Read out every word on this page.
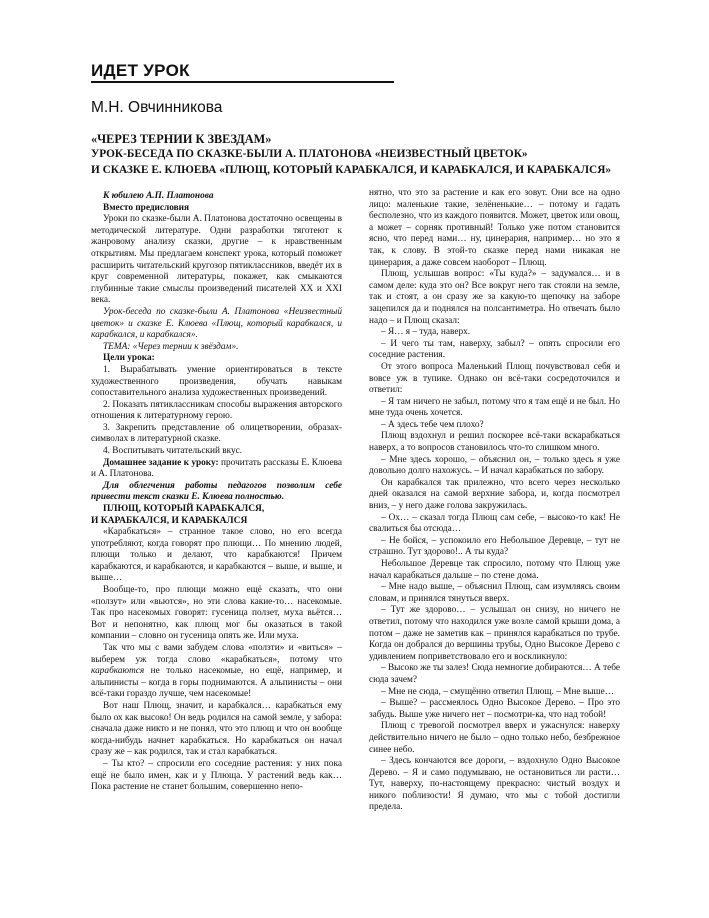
ИДЕТ УРОК
М.Н. Овчинникова
«ЧЕРЕЗ ТЕРНИИ К ЗВЕЗДАМ»
УРОК-БЕСЕДА ПО СКАЗКЕ-БЫЛИ А. ПЛАТОНОВА «НЕИЗВЕСТНЫЙ ЦВЕТОК»
И СКАЗКЕ Е. КЛЮЕВА «ПЛЮЩ, КОТОРЫЙ КАРАБКАЛСЯ, И КАРАБКАЛСЯ, И КАРАБКАЛСЯ»

К юбилею А.П. Платонова

Вместо предисловия

Уроки по сказке-были А. Платонова достаточно освещены в методической литературе. Одни разработки тяготеют к жанровому анализу сказки, другие – к нравственным открытиям. Мы предлагаем конспект урока, который поможет расширить читательский кругозор пятиклассников, введёт их в круг современной литературы, покажет, как смыкаются глубинные такие смыслы произведений писателей XX и XXI века.

Урок-беседа по сказке-были А. Платонова «Неизвестный цветок» и сказке Е. Клюева «Плющ, который карабкался, и карабкался, и карабкался».

ТЕМА: «Через тернии к звёздам».

Цели урока:

1. Вырабатывать умение ориентироваться в тексте художественного произведения, обучать навыкам сопоставительного анализа художественных произведений.

2. Показать пятиклассникам способы выражения авторского отношения к литературному герою.

3. Закрепить представление об олицетворении, образах-символах в литературной сказке.

4. Воспитывать читательский вкус.

Домашнее задание к уроку: прочитать рассказы Е. Клюева и А. Платонова.

Для облегчения работы педагогов позволим себе привести текст сказки Е. Клюева полностью.

ПЛЮЩ, КОТОРЫЙ КАРАБКАЛСЯ,
И КАРАБКАЛСЯ, И КАРАБКАЛСЯ

«Карабкаться» – странное такое слово, но его всегда употребляют, когда говорят про плющи… По мнению людей, плющи только и делают, что карабкаются! Причем карабкаются, и карабкаются, и карабкаются – выше, и выше, и выше…

Вообще-то, про плющи можно ещё сказать, что они «ползут» или «вьются», но эти слова какие-то… насекомые. Так про насекомых говорят: гусеница ползет, муха вьётся… Вот и непонятно, как плющ мог бы оказаться в такой компании – словно он гусеница опять же. Или муха.

Так что мы с вами забудем слова «ползти» и «виться» – выберем уж тогда слово «карабкаться», потому что карабкаются не только насекомые, но ещё, например, и альпинисты – когда в горы поднимаются. А альпинисты – они всё-таки гораздо лучше, чем насекомые!

Вот наш Плющ, значит, и карабкался… карабкаться ему было ох как высоко! Он ведь родился на самой земле, у забора: сначала даже никто и не понял, что это плющ и что он вообще когда-нибудь начнет карабкаться. Но карабкаться он начал сразу же – как родился, так и стал карабкаться.

– Ты кто? – спросили его соседние растения: у них пока ещё не было имен, как и у Плюща. У растений ведь как… Пока растение не станет большим, совершенно непо-

нятно, что это за растение и как его зовут. Они все на одно лицо: маленькие такие, зелёненькие… – потому и гадать бесполезно, что из каждого появится. Может, цветок или овощ, а может – сорняк противный! Только уже потом становится ясно, что перед нами… ну, цинерария, например… но это я так, к слову. В этой-то сказке перед нами никакая не цинерария, а даже совсем наоборот – Плющ.

Плющ, услышав вопрос: «Ты куда?» – задумался… и в самом деле: куда это он? Все вокруг него так стояли на земле, так и стоят, а он сразу же за какую-то щепочку на заборе зацепился да и поднялся на полсантиметра. Но отвечать было надо – и Плющ сказал:

– Я… я – туда, наверх.

– И чего ты там, наверху, забыл? – опять спросили его соседние растения.

От этого вопроса Маленький Плющ почувствовал себя и вовсе уж в тупике. Однако он всё-таки сосредоточился и ответил:

– Я там ничего не забыл, потому что я там ещё и не был. Но мне туда очень хочется.

– А здесь тебе чем плохо?

Плющ вздохнул и решил поскорее всё-таки вскарабкаться наверх, а то вопросов становилось что-то слишком много.

– Мне здесь хорошо, – объяснил он, – только здесь я уже довольно долго нахожусь. – И начал карабкаться по забору.

Он карабкался так прилежно, что всего через несколько дней оказался на самой верхние забора, и, когда посмотрел вниз, – у него даже голова закружилась.

– Ох… – сказал тогда Плющ сам себе, – высоко-то как! Не свалиться бы отсюда…

– Не бойся, – успокоило его Небольшое Деревце, – тут не страшно. Тут здорово!.. А ты куда?

Небольшое Деревце так спросило, потому что Плющ уже начал карабкаться дальше – по стене дома.

– Мне надо выше, – объяснил Плющ, сам изумляясь своим словам, и принялся тянуться вверх.

– Тут же здорово… – услышал он снизу, но ничего не ответил, потому что находился уже возле самой крыши дома, а потом – даже не заметив как – принялся карабкаться по трубе. Когда он добрался до вершины трубы, Одно Высокое Дерево с удивлением поприветствовало его и воскликнуло:

– Высоко же ты залез! Сюда немногие добираются… А тебе сюда зачем?

– Мне не сюда, – смущённо ответил Плющ. – Мне выше…

– Выше? – рассмеялось Одно Высокое Дерево. – Про это забудь. Выше уже ничего нет – посмотри-ка, что над тобой!

Плющ с тревогой посмотрел вверх и ужаснулся: наверху действительно ничего не было – одно только небо, безбрежное синее небо.

– Здесь кончаются все дороги, – вздохнуло Одно Высокое Дерево. – Я и само подумываю, не остановиться ли расти… Тут, наверху, по-настоящему прекрасно: чистый воздух и никого поблизости! Я думаю, что мы с тобой достигли предела.
